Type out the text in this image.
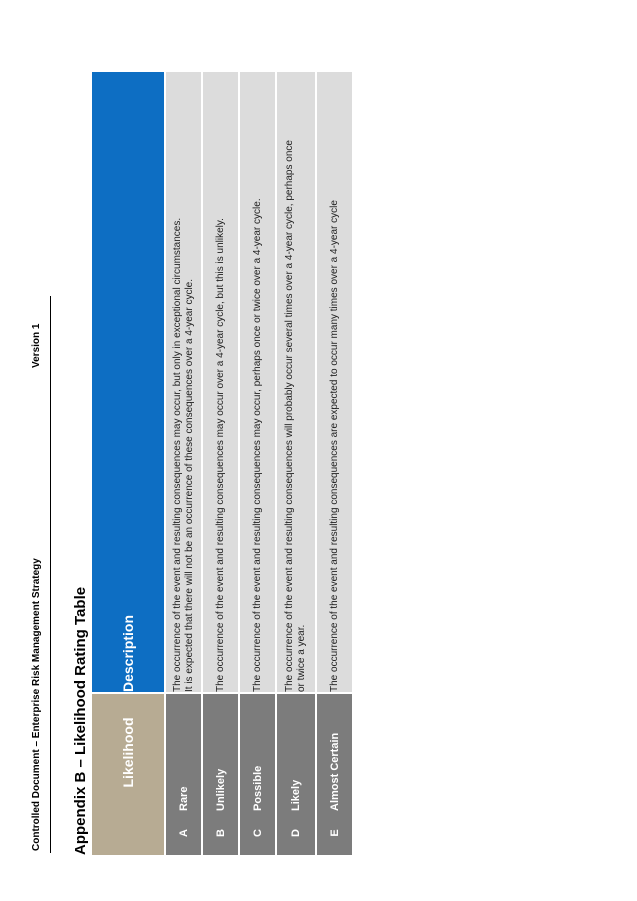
Controlled Document – Enterprise Risk Management Strategy
Version 1
Appendix B – Likelihood Rating Table
	Likelihood	Description
A	Rare	The occurrence of the event and resulting consequences may occur, but only in exceptional circumstances. It is expected that there will not be an occurrence of these consequences over a 4-year cycle.

B	Unlikely	The occurrence of the event and resulting consequences may occur over a 4-year cycle, but this is unlikely.

C	Possible	The occurrence of the event and resulting consequences may occur, perhaps once or twice over a 4-year cycle.

D	Likely	The occurrence of the event and resulting consequences will probably occur several times over a 4-year cycle, perhaps once or twice a year.

E	Almost Certain	The occurrence of the event and resulting consequences are expected to occur many times over a 4-year cycle
